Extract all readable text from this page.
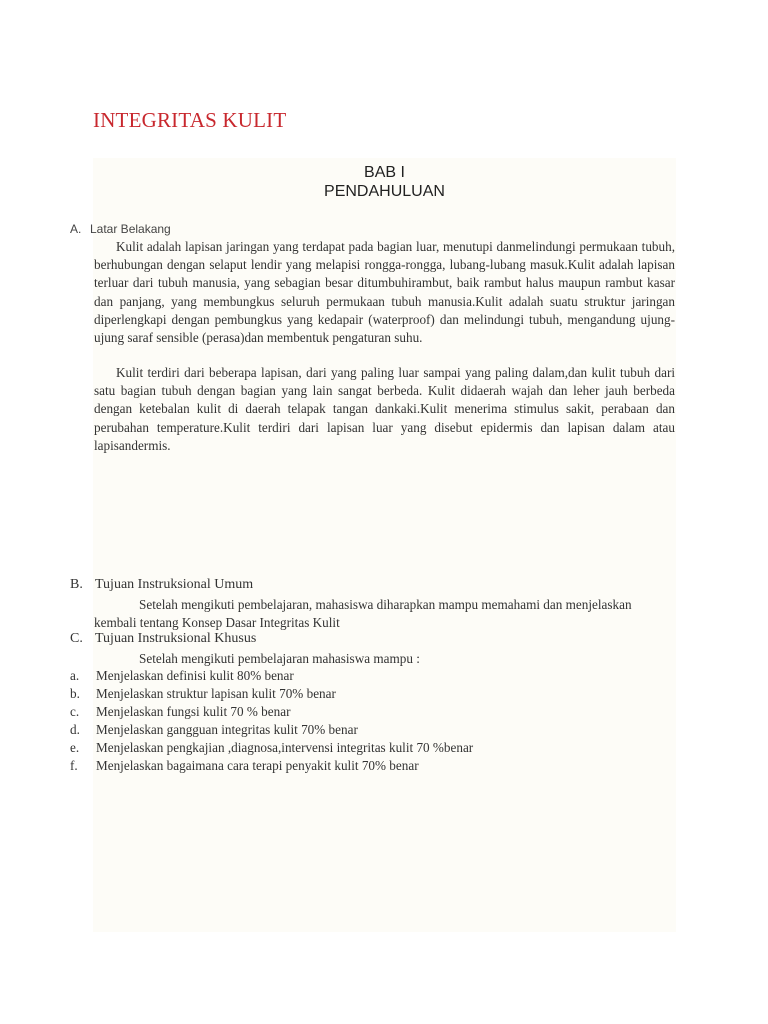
INTEGRITAS KULIT
BAB I
PENDAHULUAN
A. Latar Belakang

Kulit adalah lapisan jaringan yang terdapat pada bagian luar, menutupi danmelindungi permukaan tubuh, berhubungan dengan selaput lendir yang melapisi rongga-rongga, lubang-lubang masuk.Kulit adalah lapisan terluar dari tubuh manusia, yang sebagian besar ditumbuhirambut, baik rambut halus maupun rambut kasar dan panjang, yang membungkus seluruh permukaan tubuh manusia.Kulit adalah suatu struktur jaringan diperlengkapi dengan pembungkus yang kedapair (waterproof) dan melindungi tubuh, mengandung ujung-ujung saraf sensible (perasa)dan membentuk pengaturan suhu.

Kulit terdiri dari beberapa lapisan, dari yang paling luar sampai yang paling dalam,dan kulit tubuh dari satu bagian tubuh dengan bagian yang lain sangat berbeda. Kulit didaerah wajah dan leher jauh berbeda dengan ketebalan kulit di daerah telapak tangan dankaki.Kulit menerima stimulus sakit, perabaan dan perubahan temperature.Kulit terdiri dari lapisan luar yang disebut epidermis dan lapisan dalam atau lapisandermis.

B. Tujuan Instruksional Umum

Setelah mengikuti pembelajaran, mahasiswa diharapkan mampu memahami dan menjelaskan kembali tentang Konsep Dasar Integritas Kulit

C. Tujuan Instruksional Khusus

Setelah mengikuti pembelajaran mahasiswa mampu :

a. Menjelaskan definisi kulit 80% benar
b. Menjelaskan struktur lapisan kulit 70% benar
c. Menjelaskan fungsi kulit 70 % benar
d. Menjelaskan gangguan integritas kulit 70% benar
e. Menjelaskan pengkajian ,diagnosa,intervensi integritas kulit 70 %benar
f. Menjelaskan bagaimana cara terapi penyakit kulit 70% benar
